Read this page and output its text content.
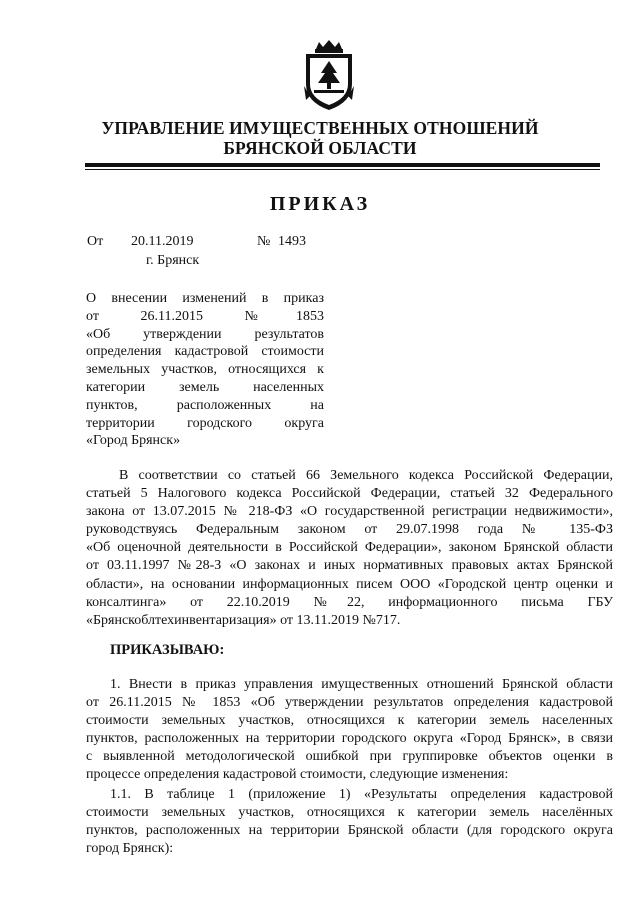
УПРАВЛЕНИЕ ИМУЩЕСТВЕННЫХ ОТНОШЕНИЙ
БРЯНСКОЙ ОБЛАСТИ
ПРИКАЗ
От 20.11.2019	№ 1493
г. Брянск
О внесении изменений в приказ
от 26.11.2015 №1853
«Об утверждении результатов
определения кадастровой стоимости
земельных участков, относящихся к
категории земель населенных
пунктов, расположенных на
территории городского округа
«Город Брянск»
В соответствии со статьей 66 Земельного кодекса Российской Федерации,
статьей 5 Налогового кодекса Российской Федерации, статьей 32 Федерального
закона от 13.07.2015 № 218-ФЗ «О государственной регистрации недвижимости»,
руководствуясь Федеральным законом от 29.07.1998 года № 135-ФЗ
«Об оценочной деятельности в Российской Федерации», законом Брянской области
от 03.11.1997 №28-З «О законах и иных нормативных правовых актах Брянской
области», на основании информационных писем ООО «Городской центр оценки и
консалтинга» от 22.10.2019 №22, информационного письма ГБУ
«Брянскоблтехинвентаризация» от 13.11.2019 №717.
ПРИКАЗЫВАЮ:
1. Внести в приказ управления имущественных отношений Брянской области
от 26.11.2015 № 1853 «Об утверждении результатов определения кадастровой
стоимости земельных участков, относящихся к категории земель населенных
пунктов, расположенных на территории городского округа «Город Брянск», в связи
с выявленной методологической ошибкой при группировке объектов оценки в
процессе определения кадастровой стоимости, следующие изменения:
1.1. В таблице 1 (приложение 1) «Результаты определения кадастровой
стоимости земельных участков, относящихся к категории земель населённых
пунктов, расположенных на территории Брянской области (для городского округа
город Брянск):
